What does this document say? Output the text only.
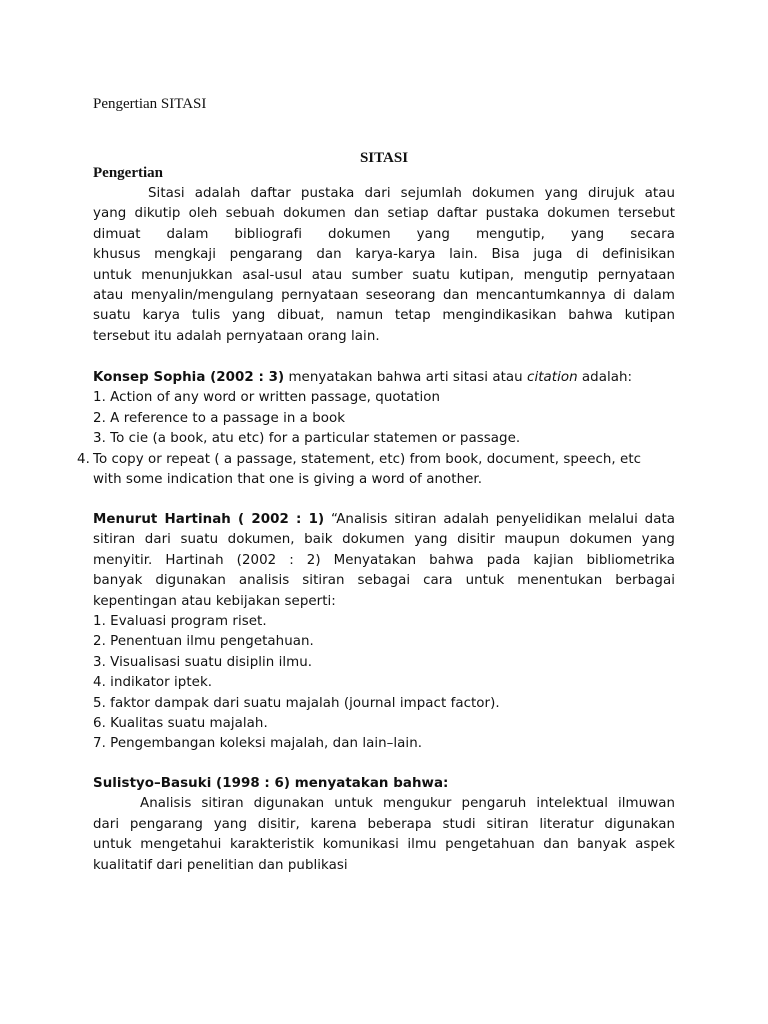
Pengertian SITASI
SITASI
Pengertian
Sitasi adalah daftar pustaka dari sejumlah dokumen yang dirujuk atau
yang dikutip oleh sebuah dokumen dan setiap daftar pustaka dokumen tersebut
dimuat dalam bibliografi dokumen yang mengutip, yang secara
khusus mengkaji pengarang dan karya-karya lain. Bisa juga di definisikan
untuk menunjukkan asal-usul atau sumber suatu kutipan, mengutip pernyataan
atau menyalin/mengulang pernyataan seseorang dan mencantumkannya di dalam
suatu karya tulis yang dibuat, namun tetap mengindikasikan bahwa kutipan
tersebut itu adalah pernyataan orang lain.
Konsep Sophia (2002 : 3) menyatakan bahwa arti sitasi atau citation adalah:
1. Action of any word or written passage, quotation
2. A reference to a passage in a book
3. To cie (a book, atu etc) for a particular statemen or passage.
4. To copy or repeat ( a passage, statement, etc) from book, document, speech, etc
with some indication that one is giving a word of another.
Menurut Hartinah ( 2002 : 1) “Analisis sitiran adalah penyelidikan melalui data
sitiran dari suatu dokumen, baik dokumen yang disitir maupun dokumen yang
menyitir. Hartinah (2002 : 2) Menyatakan bahwa pada kajian bibliometrika
banyak digunakan analisis sitiran sebagai cara untuk menentukan berbagai
kepentingan atau kebijakan seperti:
1. Evaluasi program riset.
2. Penentuan ilmu pengetahuan.
3. Visualisasi suatu disiplin ilmu.
4. indikator iptek.
5. faktor dampak dari suatu majalah (journal impact factor).
6. Kualitas suatu majalah.
7. Pengembangan koleksi majalah, dan lain–lain.
Sulistyo–Basuki (1998 : 6) menyatakan bahwa:
Analisis sitiran digunakan untuk mengukur pengaruh intelektual ilmuwan
dari pengarang yang disitir, karena beberapa studi sitiran literatur digunakan
untuk mengetahui karakteristik komunikasi ilmu pengetahuan dan banyak aspek
kualitatif dari penelitian dan publikasi
